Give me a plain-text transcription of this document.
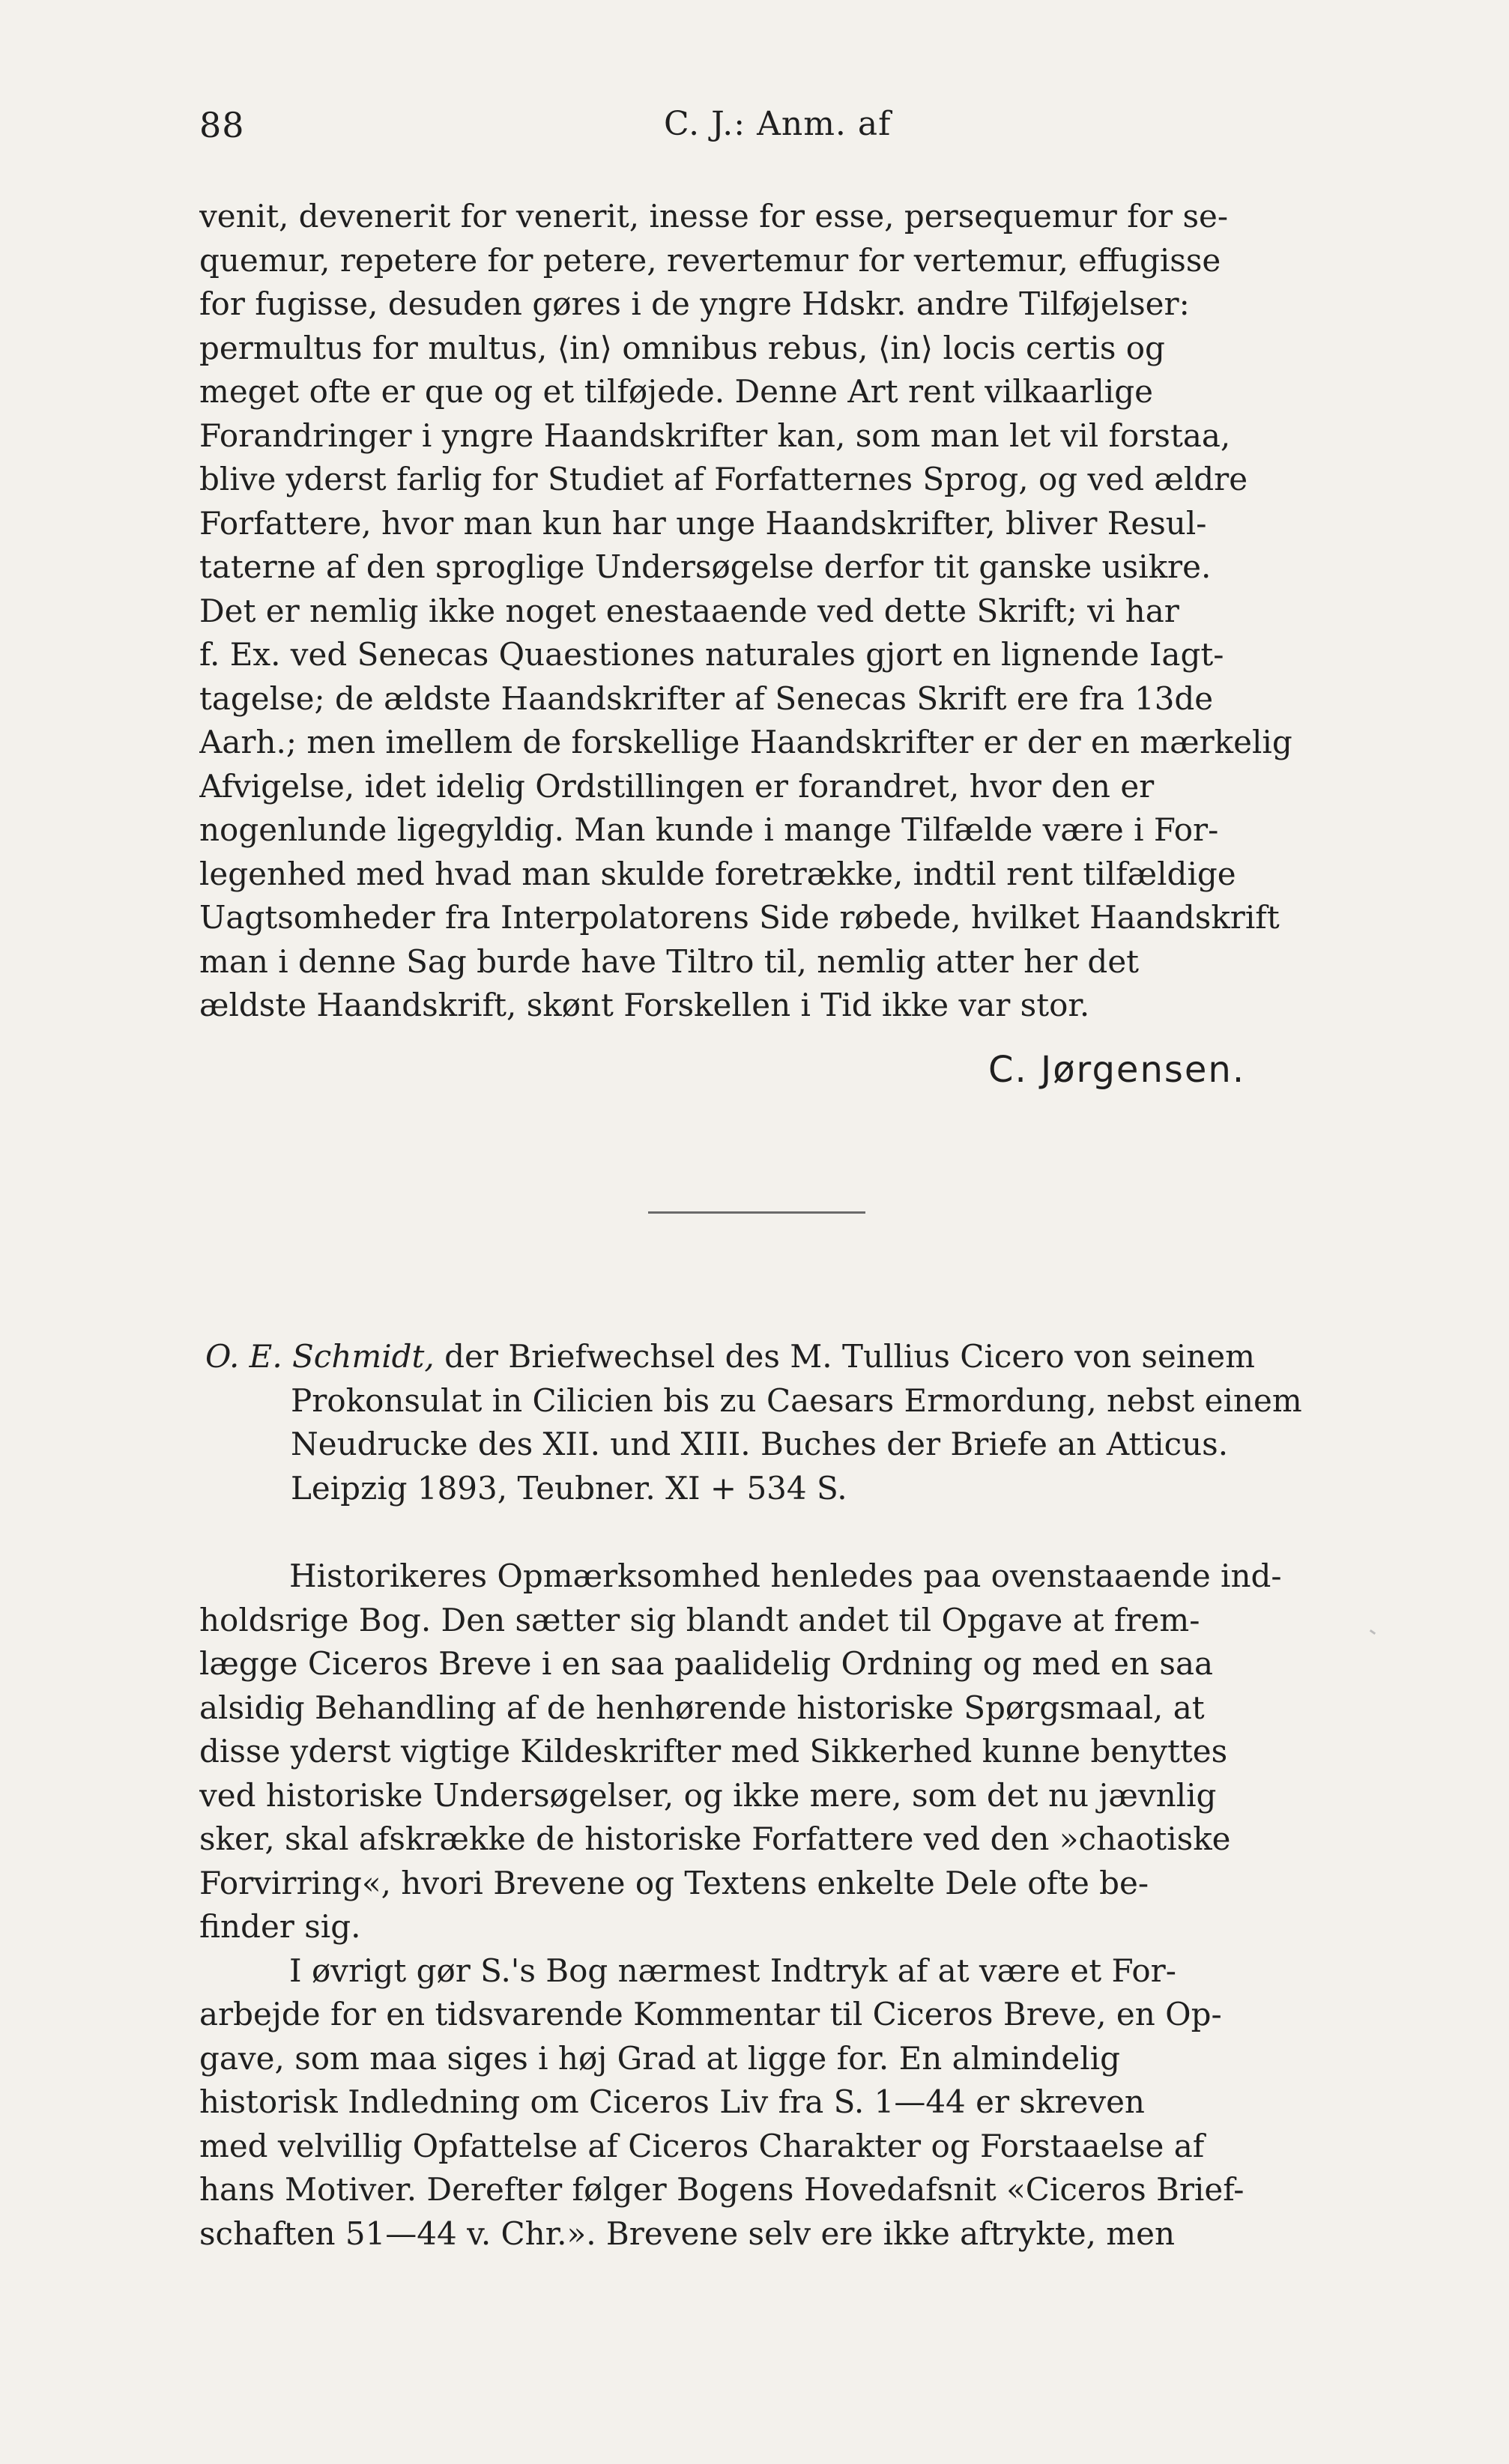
88	C. J.: Anm. af
venit, devenerit for venerit, inesse for esse, persequemur for se-
quemur, repetere for petere, revertemur for vertemur, effugisse
for fugisse, desuden gøres i de yngre Hdskr. andre Tilføjelser:
permultus for multus, ⟨in⟩ omnibus rebus, ⟨in⟩ locis certis og
meget ofte er que og et tilføjede. Denne Art rent vilkaarlige
Forandringer i yngre Haandskrifter kan, som man let vil forstaa,
blive yderst farlig for Studiet af Forfatternes Sprog, og ved ældre
Forfattere, hvor man kun har unge Haandskrifter, bliver Resul-
taterne af den sproglige Undersøgelse derfor tit ganske usikre.
Det er nemlig ikke noget enestaaende ved dette Skrift; vi har
f. Ex. ved Senecas Quaestiones naturales gjort en lignende Iagt-
tagelse; de ældste Haandskrifter af Senecas Skrift ere fra 13de
Aarh.; men imellem de forskellige Haandskrifter er der en mærkelig
Afvigelse, idet idelig Ordstillingen er forandret, hvor den er
nogenlunde ligegyldig. Man kunde i mange Tilfælde være i For-
legenhed med hvad man skulde foretrække, indtil rent tilfældige
Uagtsomheder fra Interpolatorens Side røbede, hvilket Haandskrift
man i denne Sag burde have Tiltro til, nemlig atter her det
ældste Haandskrift, skønt Forskellen i Tid ikke var stor.
C. Jørgensen.
O. E. Schmidt, der Briefwechsel des M. Tullius Cicero von seinem
Prokonsulat in Cilicien bis zu Caesars Ermordung, nebst einem
Neudrucke des XII. und XIII. Buches der Briefe an Atticus.
Leipzig 1893, Teubner. XI + 534 S.
Historikeres Opmærksomhed henledes paa ovenstaaende ind-
holdsrige Bog. Den sætter sig blandt andet til Opgave at frem-
lægge Ciceros Breve i en saa paalidelig Ordning og med en saa
alsidig Behandling af de henhørende historiske Spørgsmaal, at
disse yderst vigtige Kildeskrifter med Sikkerhed kunne benyttes
ved historiske Undersøgelser, og ikke mere, som det nu jævnlig
sker, skal afskrække de historiske Forfattere ved den »chaotiske
Forvirring«, hvori Brevene og Textens enkelte Dele ofte be-
finder sig.
I øvrigt gør S.'s Bog nærmest Indtryk af at være et For-
arbejde for en tidsvarende Kommentar til Ciceros Breve, en Op-
gave, som maa siges i høj Grad at ligge for. En almindelig
historisk Indledning om Ciceros Liv fra S. 1—44 er skreven
med velvillig Opfattelse af Ciceros Charakter og Forstaaelse af
hans Motiver. Derefter følger Bogens Hovedafsnit «Ciceros Brief-
schaften 51—44 v. Chr.». Brevene selv ere ikke aftrykte, men
